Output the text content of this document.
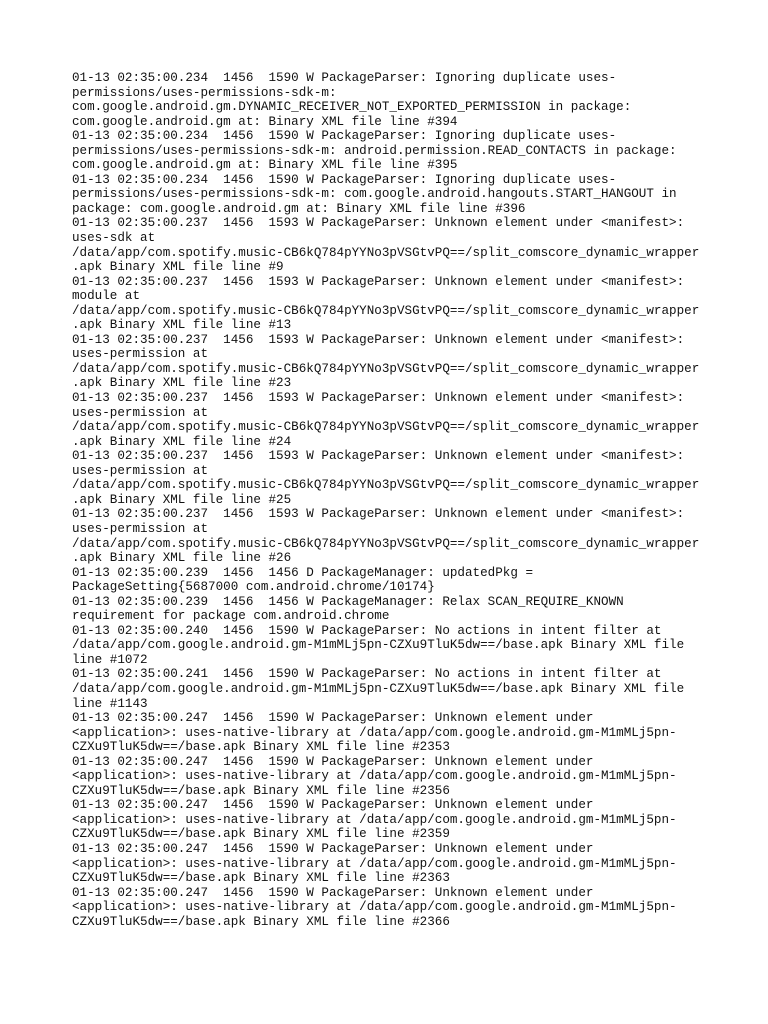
01-13 02:35:00.234  1456  1590 W PackageParser: Ignoring duplicate uses-
permissions/uses-permissions-sdk-m:
com.google.android.gm.DYNAMIC_RECEIVER_NOT_EXPORTED_PERMISSION in package:
com.google.android.gm at: Binary XML file line #394
01-13 02:35:00.234  1456  1590 W PackageParser: Ignoring duplicate uses-
permissions/uses-permissions-sdk-m: android.permission.READ_CONTACTS in package:
com.google.android.gm at: Binary XML file line #395
01-13 02:35:00.234  1456  1590 W PackageParser: Ignoring duplicate uses-
permissions/uses-permissions-sdk-m: com.google.android.hangouts.START_HANGOUT in
package: com.google.android.gm at: Binary XML file line #396
01-13 02:35:00.237  1456  1593 W PackageParser: Unknown element under <manifest>:
uses-sdk at
/data/app/com.spotify.music-CB6kQ784pYYNo3pVSGtvPQ==/split_comscore_dynamic_wrapper
.apk Binary XML file line #9
01-13 02:35:00.237  1456  1593 W PackageParser: Unknown element under <manifest>:
module at
/data/app/com.spotify.music-CB6kQ784pYYNo3pVSGtvPQ==/split_comscore_dynamic_wrapper
.apk Binary XML file line #13
01-13 02:35:00.237  1456  1593 W PackageParser: Unknown element under <manifest>:
uses-permission at
/data/app/com.spotify.music-CB6kQ784pYYNo3pVSGtvPQ==/split_comscore_dynamic_wrapper
.apk Binary XML file line #23
01-13 02:35:00.237  1456  1593 W PackageParser: Unknown element under <manifest>:
uses-permission at
/data/app/com.spotify.music-CB6kQ784pYYNo3pVSGtvPQ==/split_comscore_dynamic_wrapper
.apk Binary XML file line #24
01-13 02:35:00.237  1456  1593 W PackageParser: Unknown element under <manifest>:
uses-permission at
/data/app/com.spotify.music-CB6kQ784pYYNo3pVSGtvPQ==/split_comscore_dynamic_wrapper
.apk Binary XML file line #25
01-13 02:35:00.237  1456  1593 W PackageParser: Unknown element under <manifest>:
uses-permission at
/data/app/com.spotify.music-CB6kQ784pYYNo3pVSGtvPQ==/split_comscore_dynamic_wrapper
.apk Binary XML file line #26
01-13 02:35:00.239  1456  1456 D PackageManager: updatedPkg =
PackageSetting{5687000 com.android.chrome/10174}
01-13 02:35:00.239  1456  1456 W PackageManager: Relax SCAN_REQUIRE_KNOWN
requirement for package com.android.chrome
01-13 02:35:00.240  1456  1590 W PackageParser: No actions in intent filter at
/data/app/com.google.android.gm-M1mMLj5pn-CZXu9TluK5dw==/base.apk Binary XML file
line #1072
01-13 02:35:00.241  1456  1590 W PackageParser: No actions in intent filter at
/data/app/com.google.android.gm-M1mMLj5pn-CZXu9TluK5dw==/base.apk Binary XML file
line #1143
01-13 02:35:00.247  1456  1590 W PackageParser: Unknown element under
<application>: uses-native-library at /data/app/com.google.android.gm-M1mMLj5pn-
CZXu9TluK5dw==/base.apk Binary XML file line #2353
01-13 02:35:00.247  1456  1590 W PackageParser: Unknown element under
<application>: uses-native-library at /data/app/com.google.android.gm-M1mMLj5pn-
CZXu9TluK5dw==/base.apk Binary XML file line #2356
01-13 02:35:00.247  1456  1590 W PackageParser: Unknown element under
<application>: uses-native-library at /data/app/com.google.android.gm-M1mMLj5pn-
CZXu9TluK5dw==/base.apk Binary XML file line #2359
01-13 02:35:00.247  1456  1590 W PackageParser: Unknown element under
<application>: uses-native-library at /data/app/com.google.android.gm-M1mMLj5pn-
CZXu9TluK5dw==/base.apk Binary XML file line #2363
01-13 02:35:00.247  1456  1590 W PackageParser: Unknown element under
<application>: uses-native-library at /data/app/com.google.android.gm-M1mMLj5pn-
CZXu9TluK5dw==/base.apk Binary XML file line #2366
